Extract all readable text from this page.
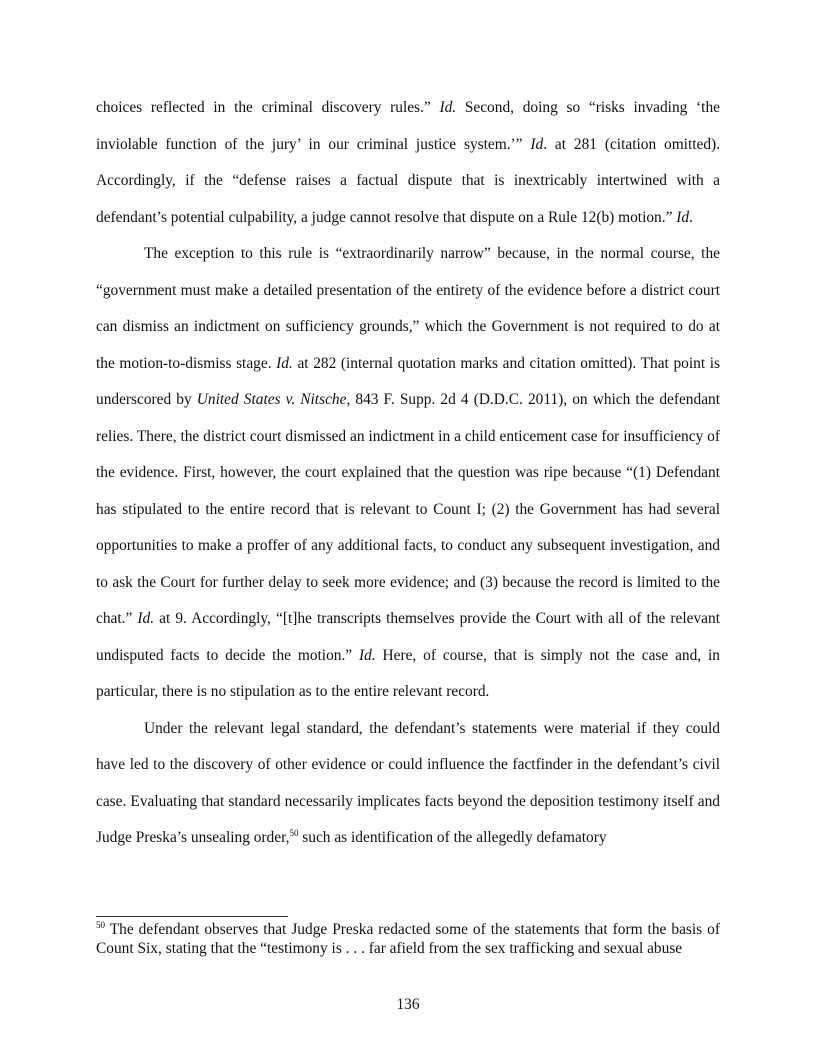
choices reflected in the criminal discovery rules.” Id. Second, doing so “risks invading ‘the inviolable function of the jury’ in our criminal justice system.’” Id. at 281 (citation omitted). Accordingly, if the “defense raises a factual dispute that is inextricably intertwined with a defendant’s potential culpability, a judge cannot resolve that dispute on a Rule 12(b) motion.” Id.

The exception to this rule is “extraordinarily narrow” because, in the normal course, the “government must make a detailed presentation of the entirety of the evidence before a district court can dismiss an indictment on sufficiency grounds,” which the Government is not required to do at the motion-to-dismiss stage. Id. at 282 (internal quotation marks and citation omitted). That point is underscored by United States v. Nitsche, 843 F. Supp. 2d 4 (D.D.C. 2011), on which the defendant relies. There, the district court dismissed an indictment in a child enticement case for insufficiency of the evidence. First, however, the court explained that the question was ripe because “(1) Defendant has stipulated to the entire record that is relevant to Count I; (2) the Government has had several opportunities to make a proffer of any additional facts, to conduct any subsequent investigation, and to ask the Court for further delay to seek more evidence; and (3) because the record is limited to the chat.” Id. at 9. Accordingly, “[t]he transcripts themselves provide the Court with all of the relevant undisputed facts to decide the motion.” Id. Here, of course, that is simply not the case and, in particular, there is no stipulation as to the entire relevant record.

Under the relevant legal standard, the defendant’s statements were material if they could have led to the discovery of other evidence or could influence the factfinder in the defendant’s civil case. Evaluating that standard necessarily implicates facts beyond the deposition testimony itself and Judge Preska’s unsealing order,$^{50}$ such as identification of the allegedly defamatory

$^{50}$ The defendant observes that Judge Preska redacted some of the statements that form the basis of Count Six, stating that the “testimony is . . . far afield from the sex trafficking and sexual abuse

136
